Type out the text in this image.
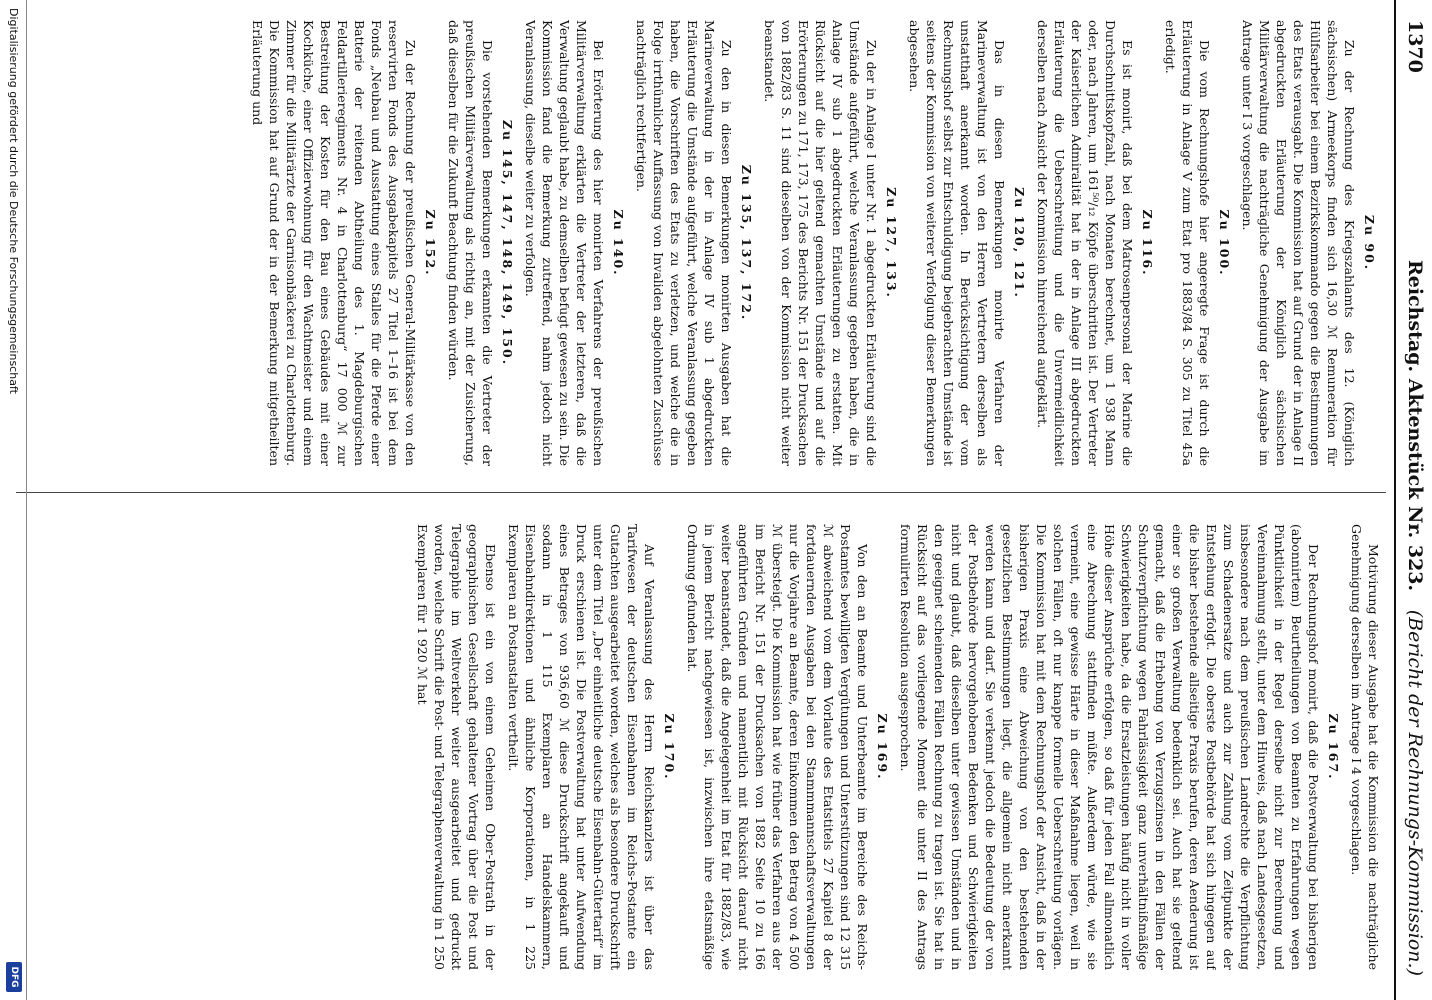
1370
Reichstag. Aktenstück Nr. 323.
(Bericht der Rechnungs-Kommission.)
Zu 90.

Zu der Rechnung des Kriegszahlamts des 12. (Königlich sächsischen) Armeekorps finden sich 16,30 ℳ Remuneration für Hülfsarbeiter bei einem Bezirkskommando gegen die Bestimmungen des Etats verausgabt. Die Kommission hat auf Grund der in Anlage II abgedruckten Erläuterung der Königlich sächsischen Militärverwaltung die nachträgliche Genehmigung der Ausgabe im Antrage unter I 3 vorgeschlagen.

Zu 100.

Die vom Rechnungshofe hier angeregte Frage ist durch die Erläuterung in Anlage V zum Etat pro 1883/84 S. 305 zu Titel 45a erledigt.

Zu 116.

Es ist monirt, daß bei dem Matrosenpersonal der Marine die Durchschnittskopfzahl, nach Monaten berechnet, um 1 938 Mann oder, nach Jahren, um 161⁵⁰/₁₂ Köpfe überschritten ist. Der Vertreter der Kaiserlichen Admiralität hat in der in Anlage III abgedruckten Erläuterung die Ueberschreitung und die Unvermeidlichkeit derselben nach Ansicht der Kommission hinreichend aufgeklärt.

Zu 120, 121.

Das in diesen Bemerkungen monirte Verfahren der Marineverwaltung ist von den Herren Vertretern derselben als unstatthaft anerkannt worden. In Berücksichtigung der vom Rechnungshof selbst zur Entschuldigung beigebrachten Umstände ist seitens der Kommission von weiterer Verfolgung dieser Bemerkungen abgesehen.

Zu 127, 133.

Zu der in Anlage I unter Nr. 1 abgedruckten Erläuterung sind die Umstände aufgeführt, welche Veranlassung gegeben haben, die in Anlage IV sub 1 abgedruckten Erläuterungen zu erstatten. Mit Rücksicht auf die hier geltend gemachten Umstände und auf die Erörterungen zu 171, 173, 175 des Berichts Nr. 151 der Drucksachen von 1882/83 S. 11 sind dieselben von der Kommission nicht weiter beanstandet.

Zu 135, 137, 172.

Zu den in diesen Bemerkungen monirten Ausgaben hat die Marineverwaltung in der in Anlage IV sub 1 abgedruckten Erläuterung die Umstände aufgeführt, welche Veranlassung gegeben haben, die Vorschriften des Etats zu verletzen, und welche die in Folge irrthümlicher Auffassung von Invaliden abgelohnten Zuschüsse nachträglich rechtfertigen.

Zu 140.

Bei Erörterung des hier monirten Verfahrens der preußischen Militärverwaltung erklärten die Vertreter der letzteren, daß die Verwaltung geglaubt habe, zu demselben befugt gewesen zu sein. Die Kommission fand die Bemerkung zutreffend, nahm jedoch nicht Veranlassung, dieselbe weiter zu verfolgen.

Zu 145, 147, 148, 149, 150.

Die vorstehenden Bemerkungen erkannten die Vertreter der preußischen Militärverwaltung als richtig an, mit der Zusicherung, daß dieselben für die Zukunft Beachtung finden würden.

Zu 152.

Zu der Rechnung der preußischen General-Militärkasse von den reservirten Fonds des Ausgabekapitels 27 Titel 1–16 ist bei dem Fonds „Neubau und Ausstattung eines Stalles für die Pferde einer Batterie der reitenden Abtheilung des 1. Magdeburgischen Feldartillerieregiments Nr. 4 in Charlottenburg“ 17 000 ℳ zur Bestreitung der Kosten für den Bau eines Gebäudes mit einer Kochküche, einer Offizierwohnung für den Wachtmeister und einem Zimmer für die Militärärzte der Garnisonbäckerei zu Charlottenburg. Die Kommission hat auf Grund der in der Bemerkung mitgetheilten Erläuterung und

Motivirung dieser Ausgabe hat die Kommission die nachträgliche Genehmigung derselben im Antrage I 4 vorgeschlagen.

Zu 167.

Der Rechnungshof monirt, daß die Postverwaltung bei bisherigen (abonnirtem) Beurtheilungen von Beamten zu Erfahrungen wegen Pünktlichkeit in der Regel derselbe nicht zur Berechnung und Vereinnahmung stellt, unter dem Hinweis, daß nach Landesgesetzen, insbesondere nach dem preußischen Landrechte die Verpflichtung zum Schadenersatze und auch zur Zahlung vom Zeitpunkte der Entstehung erfolgt. Die oberste Postbehörde hat sich hingegen auf die bisher bestehende allseitige Praxis berufen, deren Aenderung ist einer so großen Verwaltung bedenklich sei. Auch hat sie geltend gemacht, daß die Erhebung von Verzugszinsen in den Fällen der Schutzverpflichtung wegen Fahrlässigkeit ganz unverhältnißmäßige Schwierigkeiten habe, da die Ersatzleistungen häufig nicht in voller Höhe dieser Ansprüche erfolgen, so daß für jeden Fall allmonatlich eine Abrechnung stattfinden müßte. Außerdem würde, wie sie vermeint, eine gewisse Härte in dieser Maßnahme liegen, weil in solchen Fällen, oft nur knappe formelle Ueberschreitung vorlägen. Die Kommission hat mit dem Rechnungshof der Ansicht, daß in der bisherigen Praxis eine Abweichung von den bestehenden gesetzlichen Bestimmungen liegt, die allgemein nicht anerkannt werden kann und darf. Sie verkennt jedoch die Bedeutung der von der Postbehörde hervorgehobenen Bedenken und Schwierigkeiten nicht und glaubt, daß dieselben unter gewissen Umständen und in den geeignet scheinenden Fällen Rechnung zu tragen ist. Sie hat in Rücksicht auf das vorliegende Moment die unter II des Antrags formulirten Resolution ausgesprochen.

Zu 169.

Von den an Beamte und Unterbeamte im Bereiche des Reichs-Postamtes bewilligten Vergütungen und Unterstützungen sind 12 315 ℳ abweichend vom dem Vorlaute des Etatstitels 27 Kapitel 8 der fortdauernden Ausgaben bei den Stammmannschaftsverwaltungen nur die Vorjahre an Beamte, deren Einkommen den Betrag von 4 500 ℳ übersteigt. Die Kommission hat wie früher das Verfahren aus der im Bericht Nr. 151 der Drucksachen von 1882 Seite 10 zu 166 angeführten Gründen und namentlich mit Rücksicht darauf nicht weiter beanstandet, daß die Angelegenheit im Etat für 1882/83, wie in jenem Bericht nachgewiesen ist, inzwischen ihre etatsmäßige Ordnung gefunden hat.

Zu 170.

Auf Veranlassung des Herrn Reichskanzlers ist über das Tarifwesen der deutschen Eisenbahnen im Reichs-Postamte ein Gutachten ausgearbeitet worden, welches als besondere Druckschrift unter dem Titel „Der einheitliche deutsche Eisenbahn-Gütertarif“ im Druck erschienen ist. Die Postverwaltung hat unter Aufwendung eines Betrages von 936,60 ℳ diese Druckschrift angekauft und sodann in 1 115 Exemplaren an Handelskammern, Eisenbahndirektionen und ähnliche Korporationen, in 1 225 Exemplaren an Postanstalten vertheilt.

Ebenso ist ein von einem Geheimen Ober-Postrath in der geographischen Gesellschaft gehaltener Vortrag über die Post und Telegraphie im Weltverkehr weiter ausgearbeitet und gedruckt worden, welche Schrift die Post- und Telegraphenverwaltung in 1 250 Exemplaren für 1 920 ℳ hat

Digitalisierung gefördert durch die Deutsche Forschungsgemeinschaft
DFG
